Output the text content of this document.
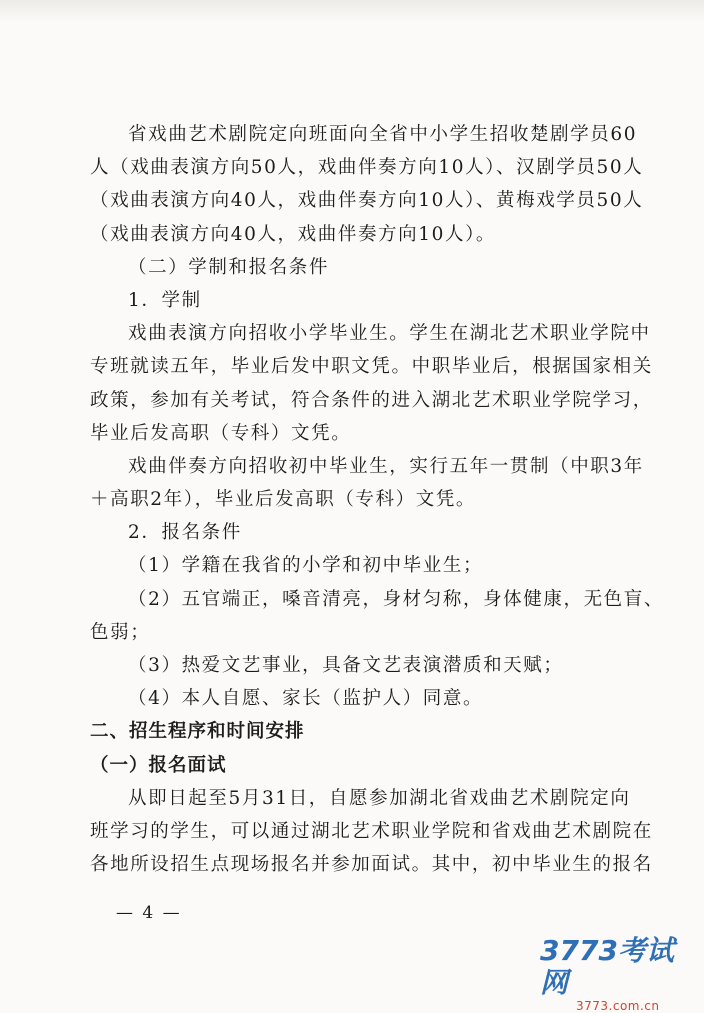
省戏曲艺术剧院定向班面向全省中小学生招收楚剧学员60
人（戏曲表演方向50人，戏曲伴奏方向10人）、汉剧学员50人
（戏曲表演方向40人，戏曲伴奏方向10人）、黄梅戏学员50人
（戏曲表演方向40人，戏曲伴奏方向10人）。
（二）学制和报名条件
1．学制
戏曲表演方向招收小学毕业生。学生在湖北艺术职业学院中
专班就读五年，毕业后发中职文凭。中职毕业后，根据国家相关
政策，参加有关考试，符合条件的进入湖北艺术职业学院学习，
毕业后发高职（专科）文凭。
戏曲伴奏方向招收初中毕业生，实行五年一贯制（中职3年
＋高职2年），毕业后发高职（专科）文凭。
2．报名条件
（1）学籍在我省的小学和初中毕业生；
（2）五官端正，嗓音清亮，身材匀称，身体健康，无色盲、
色弱；
（3）热爱文艺事业，具备文艺表演潜质和天赋；
（4）本人自愿、家长（监护人）同意。
二、招生程序和时间安排
（一）报名面试
从即日起至5月31日，自愿参加湖北省戏曲艺术剧院定向
班学习的学生，可以通过湖北艺术职业学院和省戏曲艺术剧院在
各地所设招生点现场报名并参加面试。其中，初中毕业生的报名
— 4 —
3773考试网
3773.com.cn
